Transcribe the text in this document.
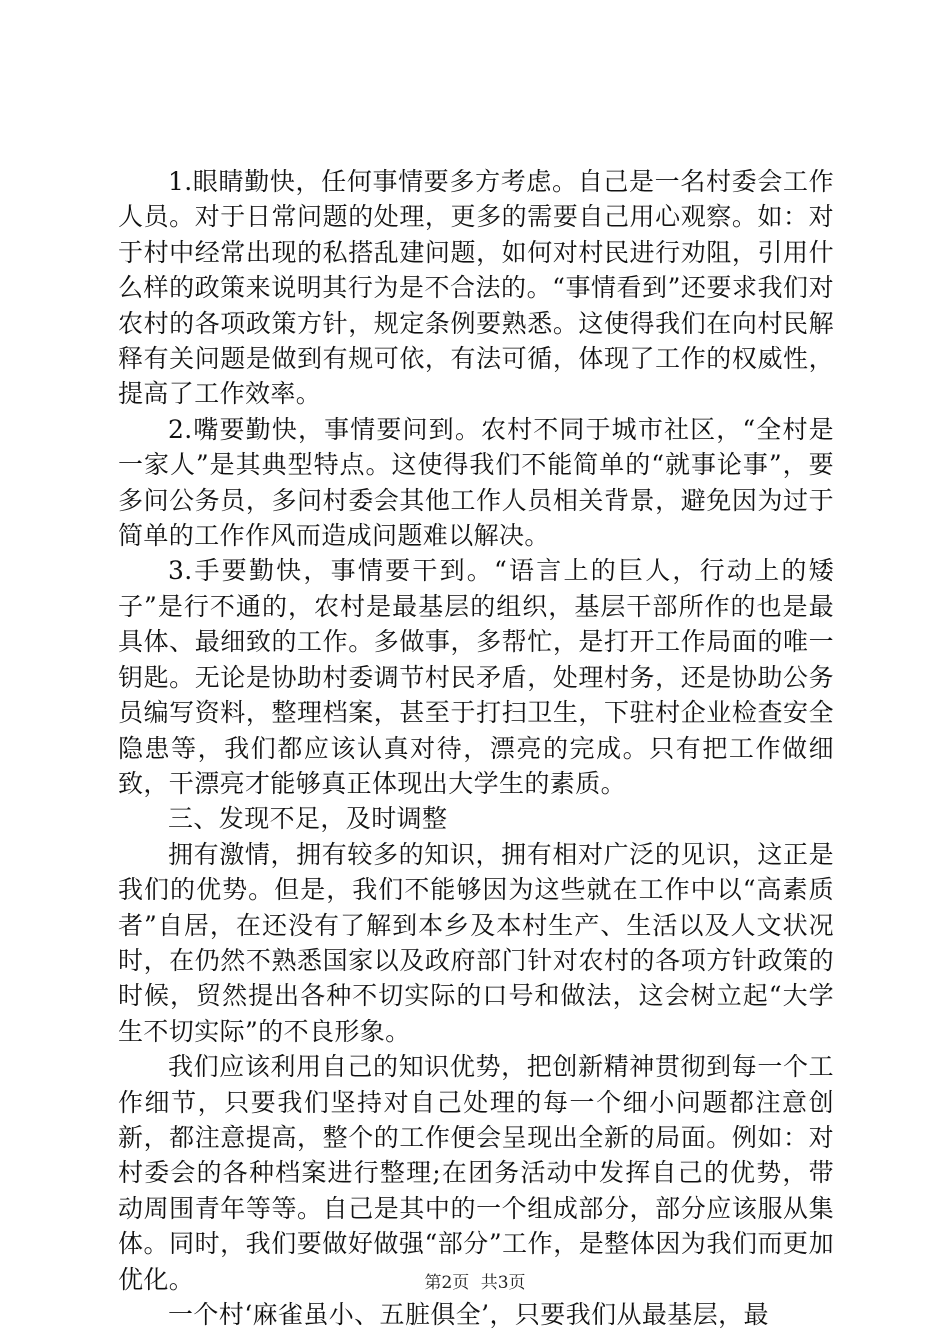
1.眼睛勤快，任何事情要多方考虑。自己是一名村委会工作人员。对于日常问题的处理，更多的需要自己用心观察。如：对于村中经常出现的私搭乱建问题，如何对村民进行劝阻，引用什么样的政策来说明其行为是不合法的。“事情看到”还要求我们对农村的各项政策方针，规定条例要熟悉。这使得我们在向村民解释有关问题是做到有规可依，有法可循，体现了工作的权威性，提高了工作效率。

2.嘴要勤快，事情要问到。农村不同于城市社区，“全村是一家人”是其典型特点。这使得我们不能简单的“就事论事”，要多问公务员，多问村委会其他工作人员相关背景，避免因为过于简单的工作作风而造成问题难以解决。

3.手要勤快，事情要干到。“语言上的巨人，行动上的矮子”是行不通的，农村是最基层的组织，基层干部所作的也是最具体、最细致的工作。多做事，多帮忙，是打开工作局面的唯一钥匙。无论是协助村委调节村民矛盾，处理村务，还是协助公务员编写资料，整理档案，甚至于打扫卫生，下驻村企业检查安全隐患等，我们都应该认真对待，漂亮的完成。只有把工作做细致，干漂亮才能够真正体现出大学生的素质。

三、发现不足，及时调整

拥有激情，拥有较多的知识，拥有相对广泛的见识，这正是我们的优势。但是，我们不能够因为这些就在工作中以“高素质者”自居，在还没有了解到本乡及本村生产、生活以及人文状况时，在仍然不熟悉国家以及政府部门针对农村的各项方针政策的时候，贸然提出各种不切实际的口号和做法，这会树立起“大学生不切实际”的不良形象。

我们应该利用自己的知识优势，把创新精神贯彻到每一个工作细节，只要我们坚持对自己处理的每一个细小问题都注意创新，都注意提高，整个的工作便会呈现出全新的局面。例如：对村委会的各种档案进行整理;在团务活动中发挥自己的优势，带动周围青年等等。自己是其中的一个组成部分，部分应该服从集体。同时，我们要做好做强“部分”工作，是整体因为我们而更加优化。

一个村‘麻雀虽小、五脏俱全’，只要我们从最基层，最

第2页 共3页
